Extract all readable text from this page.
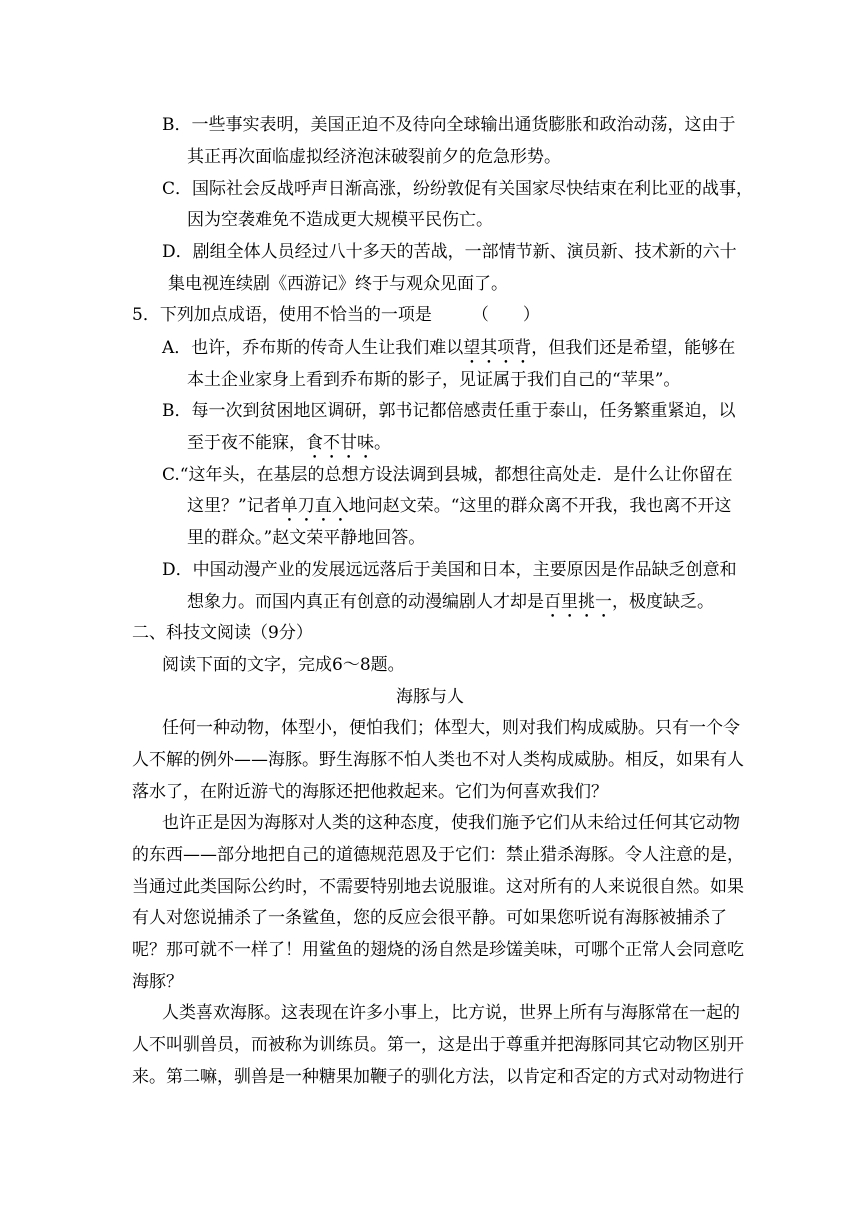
B．一些事实表明，美国正迫不及待向全球输出通货膨胀和政治动荡，这由于
其正再次面临虚拟经济泡沫破裂前夕的危急形势。
C．国际社会反战呼声日渐高涨，纷纷敦促有关国家尽快结束在利比亚的战事，
因为空袭难免不造成更大规模平民伤亡。
D．剧组全体人员经过八十多天的苦战，一部情节新、演员新、技术新的六十
集电视连续剧《西游记》终于与观众见面了。
5．下列加点成语，使用不恰当的一项是 （　　）
A．也许，乔布斯的传奇人生让我们难以望其项背，但我们还是希望，能够在
本土企业家身上看到乔布斯的影子，见证属于我们自己的“苹果”。
B．每一次到贫困地区调研，郭书记都倍感责任重于泰山，任务繁重紧迫，以
至于夜不能寐，食不甘味。
C.“这年头，在基层的总想方设法调到县城，都想往高处走．是什么让你留在
这里？”记者单刀直入地问赵文荣。“这里的群众离不开我，我也离不开这
里的群众。”赵文荣平静地回答。
D．中国动漫产业的发展远远落后于美国和日本，主要原因是作品缺乏创意和
想象力。而国内真正有创意的动漫编剧人才却是百里挑一，极度缺乏。
二、科技文阅读（9分）
阅读下面的文字，完成6～8题。
海豚与人
任何一种动物，体型小，便怕我们；体型大，则对我们构成威胁。只有一个令
人不解的例外——海豚。野生海豚不怕人类也不对人类构成威胁。相反，如果有人
落水了，在附近游弋的海豚还把他救起来。它们为何喜欢我们？
也许正是因为海豚对人类的这种态度，使我们施予它们从未给过任何其它动物
的东西——部分地把自己的道德规范恩及于它们：禁止猎杀海豚。令人注意的是，
当通过此类国际公约时，不需要特别地去说服谁。这对所有的人来说很自然。如果
有人对您说捕杀了一条鲨鱼，您的反应会很平静。可如果您听说有海豚被捕杀了
呢？那可就不一样了！用鲨鱼的翅烧的汤自然是珍馐美味，可哪个正常人会同意吃
海豚？
人类喜欢海豚。这表现在许多小事上，比方说，世界上所有与海豚常在一起的
人不叫驯兽员，而被称为训练员。第一，这是出于尊重并把海豚同其它动物区别开
来。第二嘛，驯兽是一种糖果加鞭子的驯化方法，以肯定和否定的方式对动物进行
